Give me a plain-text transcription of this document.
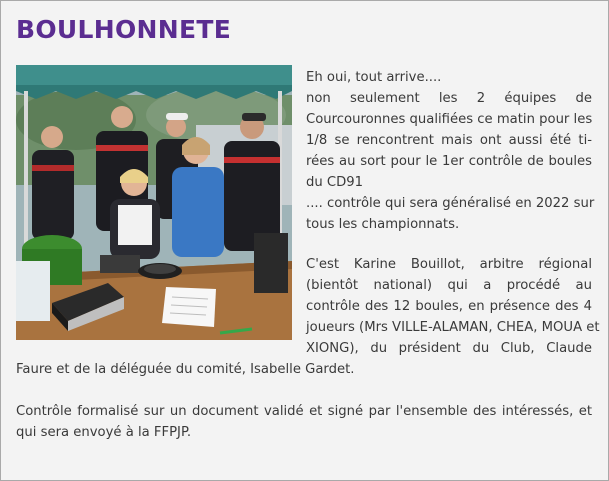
BOULHONNETE
Eh oui, tout arrive....
non seulement les 2 équipes de
Courcouronnes qualifiées ce matin pour les
1/8 se rencontrent mais ont aussi été ti-
rées au sort pour le 1er contrôle de boules
du CD91
.... contrôle qui sera généralisé en 2022 sur
tous les championnats.
C'est Karine Bouillot, arbitre régional
(bientôt national) qui a procédé au
contrôle des 12 boules, en présence des 4
joueurs (Mrs VILLE-ALAMAN, CHEA, MOUA et
XIONG), du président du Club, Claude
Faure et de la déléguée du comité, Isabelle Gardet.
Contrôle formalisé sur un document validé et signé par l'ensemble des intéressés, et
qui sera envoyé à la FFPJP.
